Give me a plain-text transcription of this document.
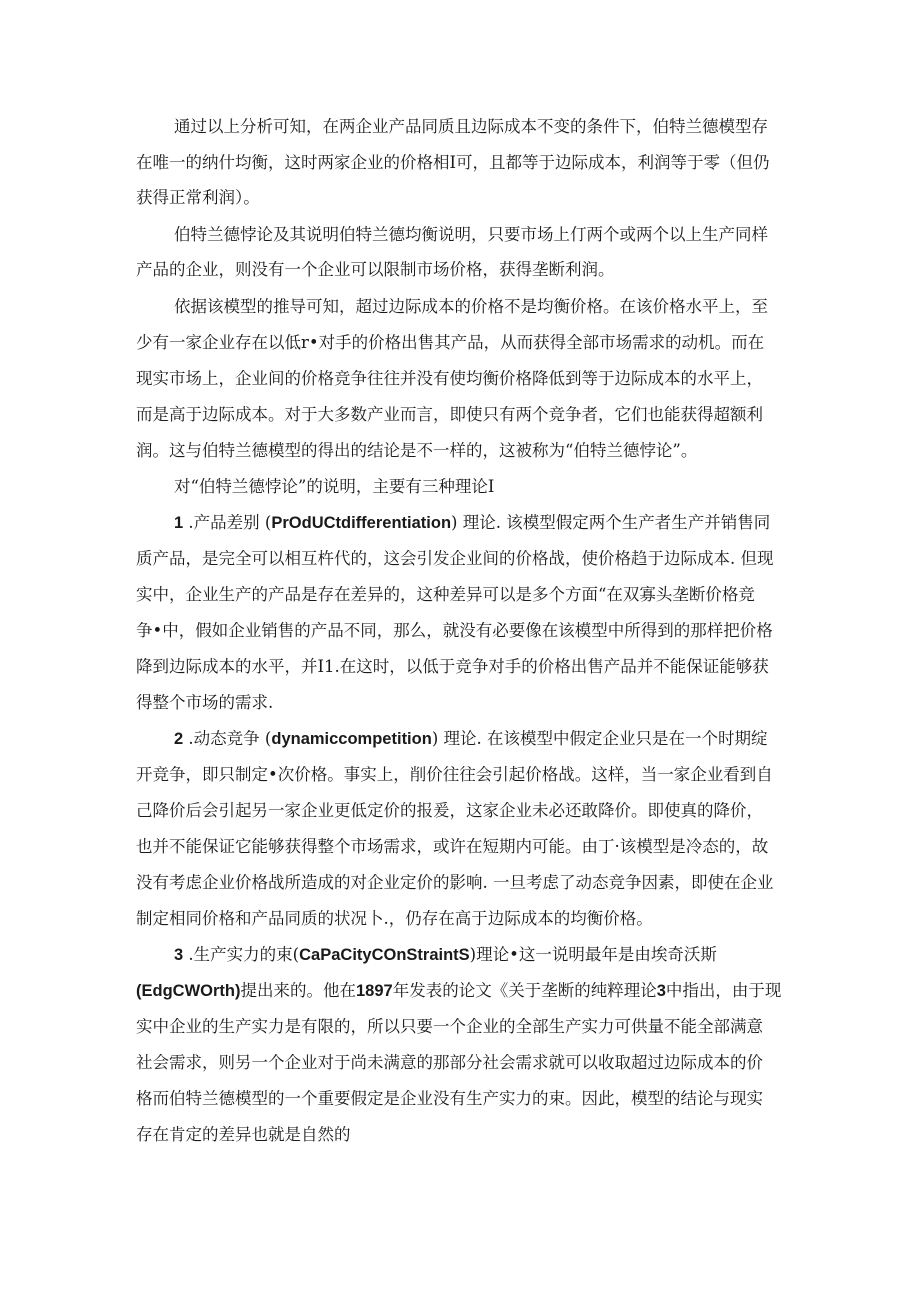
通过以上分析可知，在两企业产品同质且边际成本不变的条件下，伯特兰德模型存
在唯一的纳什均衡，这时两家企业的价格相I可，且都等于边际成本，利润等于零（但仍
获得正常利润）。
伯特兰德悖论及其说明伯特兰德均衡说明，只要市场上仃两个或两个以上生产同样
产品的企业，则没有一个企业可以限制市场价格，获得垄断利润。
依据该模型的推导可知，超过边际成本的价格不是均衡价格。在该价格水平上，至
少有一家企业存在以低r•对手的价格出售其产品，从而获得全部市场需求的动机。而在
现实市场上，企业间的价格竞争往往并没有使均衡价格降低到等于边际成本的水平上，
而是高于边际成本。对于大多数产业而言，即使只有两个竞争者，它们也能获得超额利
润。这与伯特兰德模型的得出的结论是不一样的，这被称为“伯特兰德悖论”。
对“伯特兰德悖论”的说明，主要有三种理论I
1 .产品差别 (PrOdUCtdifferentiation) 理论. 该模型假定两个生产者生产并销售同
质产品，是完全可以相互杵代的，这会引发企业间的价格战，使价格趋于边际成本. 但现
实中，企业生产的产品是存在差异的，这种差异可以是多个方面“在双寡头垄断价格竞
争•中，假如企业销售的产品不同，那么，就没有必要像在该模型中所得到的那样把价格
降到边际成本的水平，并I1.在这时，以低于竞争对手的价格出售产品并不能保证能够获
得整个市场的需求.
2 .动态竞争 (dynamiccompetition) 理论. 在该模型中假定企业只是在一个时期绽
开竞争，即只制定•次价格。事实上，削价往往会引起价格战。这样，当一家企业看到自
己降价后会引起另一家企业更低定价的报爰，这家企业未必还敢降价。即使真的降价，
也并不能保证它能够获得整个市场需求，或许在短期内可能。由丁·该模型是冷态的，故
没有考虑企业价格战所造成的对企业定价的影响. 一旦考虑了动态竞争因素，即使在企业
制定相同价格和产品同质的状况卜.，仍存在高于边际成本的均衡价格。
3 .生产实力的束(CaPaCityCOnStraintS)理论•这一说明最年是由埃奇沃斯
(EdgCWOrth)提出来的。他在1897年发表的论文《关于垄断的纯粹理论3中指出，由于现
实中企业的生产实力是有限的，所以只要一个企业的全部生产实力可供量不能全部满意
社会需求，则另一个企业对于尚未满意的那部分社会需求就可以收取超过边际成本的价
格而伯特兰德模型的一个重要假定是企业没有生产实力的束。因此，模型的结论与现实
存在肯定的差异也就是自然的
